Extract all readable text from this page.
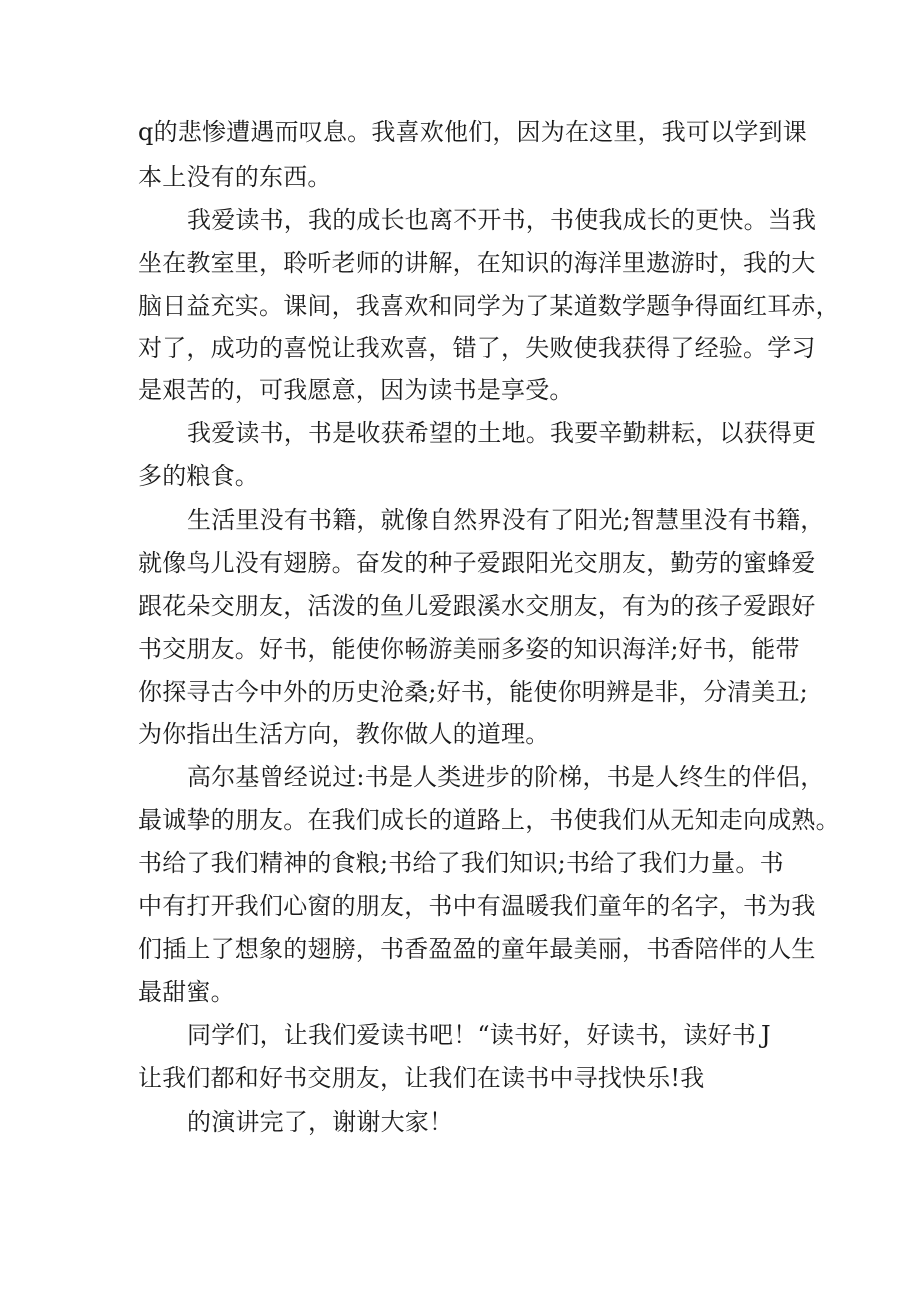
q的悲惨遭遇而叹息。我喜欢他们，因为在这里，我可以学到课
本上没有的东西。
我爱读书，我的成长也离不开书，书使我成长的更快。当我
坐在教室里，聆听老师的讲解，在知识的海洋里遨游时，我的大
脑日益充实。课间，我喜欢和同学为了某道数学题争得面红耳赤，
对了，成功的喜悦让我欢喜，错了，失败使我获得了经验。学习
是艰苦的，可我愿意，因为读书是享受。
我爱读书，书是收获希望的土地。我要辛勤耕耘，以获得更
多的粮食。
生活里没有书籍，就像自然界没有了阳光;智慧里没有书籍，
就像鸟儿没有翅膀。奋发的种子爱跟阳光交朋友，勤劳的蜜蜂爱
跟花朵交朋友，活泼的鱼儿爱跟溪水交朋友，有为的孩子爱跟好
书交朋友。好书，能使你畅游美丽多姿的知识海洋;好书，能带
你探寻古今中外的历史沧桑;好书，能使你明辨是非，分清美丑;
为你指出生活方向，教你做人的道理。
高尔基曾经说过:书是人类进步的阶梯，书是人终生的伴侣，
最诚挚的朋友。在我们成长的道路上，书使我们从无知走向成熟。
书给了我们精神的食粮;书给了我们知识;书给了我们力量。书
中有打开我们心窗的朋友，书中有温暖我们童年的名字，书为我
们插上了想象的翅膀，书香盈盈的童年最美丽，书香陪伴的人生
最甜蜜。
同学们，让我们爱读书吧！“读书好，好读书，读好书 J
让我们都和好书交朋友，让我们在读书中寻找快乐!我
的演讲完了，谢谢大家！
